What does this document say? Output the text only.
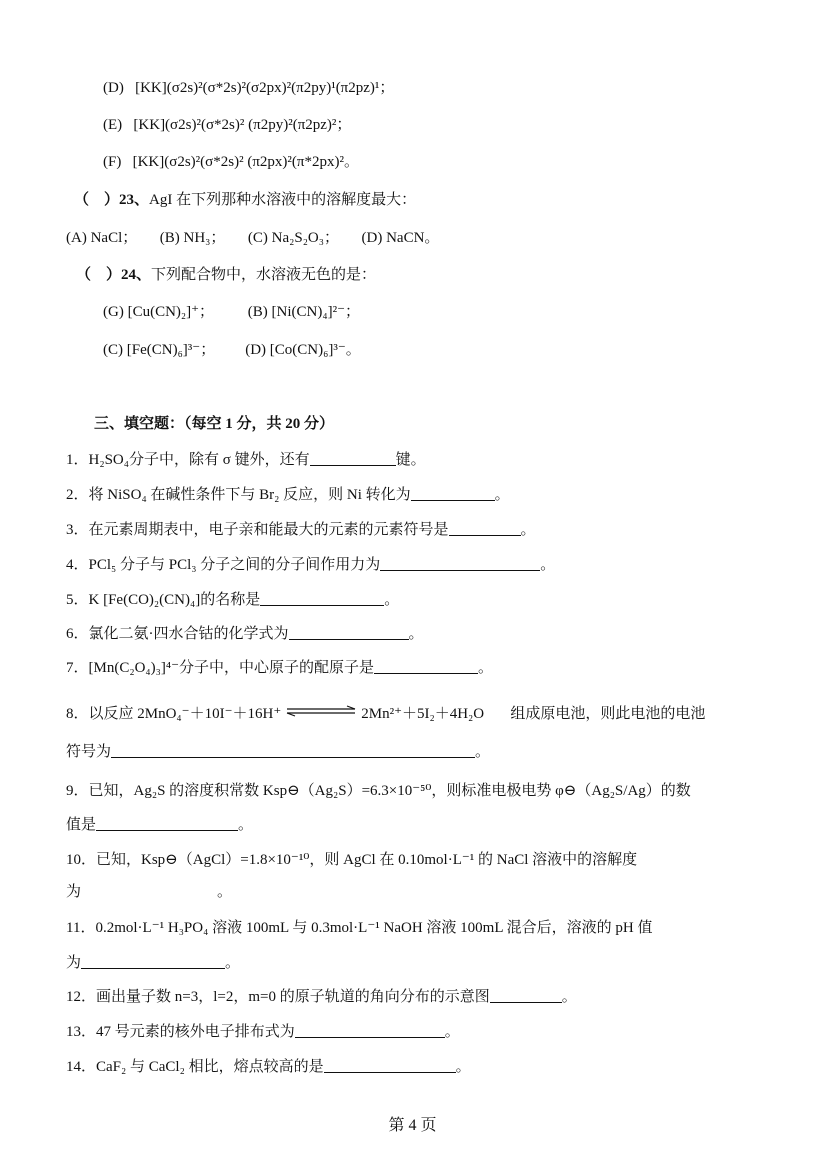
(D) [KK](σ2s)²(σ*2s)²(σ2px)²(π2py)¹(π2pz)¹；
(E) [KK](σ2s)²(σ*2s)² (π2py)²(π2pz)²；
(F) [KK](σ2s)²(σ*2s)² (π2px)²(π*2px)²。
（ ）23、AgI 在下列那种水溶液中的溶解度最大：
(A) NaCl； (B) NH₃； (C) Na₂S₂O₃； (D) NaCN。
（ ）24、下列配合物中，水溶液无色的是：
(G) [Cu(CN)₂]⁺； (B) [Ni(CN)₄]²⁻；
(C) [Fe(CN)₆]³⁻； (D) [Co(CN)₆]³⁻。
三、填空题：（每空 1 分，共 20 分）
1．H₂SO₄分子中，除有 σ 键外，还有	键。
2．将 NiSO₄ 在碱性条件下与 Br₂ 反应，则 Ni 转化为	。
3．在元素周期表中，电子亲和能最大的元素的元素符号是	。
4．PCl₅ 分子与 PCl₃ 分子之间的分子间作用力为	。
5．K [Fe(CO)₂(CN)₄]的名称是	。
6．氯化二氨·四水合钴的化学式为	。
7．[Mn(C₂O₄)₃]⁴⁻分子中，中心原子的配原子是	。
8．以反应 2MnO₄⁻＋10I⁻＋16H⁺	2Mn²⁺＋5I₂＋4H₂O 组成原电池，则此电池的电池
符号为	。
9．已知，Ag₂S 的溶度积常数 Ksp⊖（Ag₂S）=6.3×10⁻⁵⁰，则标准电极电势 φ⊖（Ag₂S/Ag）的数
值是	。
10．已知，Ksp⊖（AgCl）=1.8×10⁻¹⁰，则 AgCl 在 0.10mol·L⁻¹ 的 NaCl 溶液中的溶解度
为	。
11．0.2mol·L⁻¹ H₃PO₄ 溶液 100mL 与 0.3mol·L⁻¹ NaOH 溶液 100mL 混合后，溶液的 pH 值
为	。
12．画出量子数 n=3，l=2，m=0 的原子轨道的角向分布的示意图	。
13．47 号元素的核外电子排布式为	。
14．CaF₂ 与 CaCl₂ 相比，熔点较高的是	。
第 4 页
